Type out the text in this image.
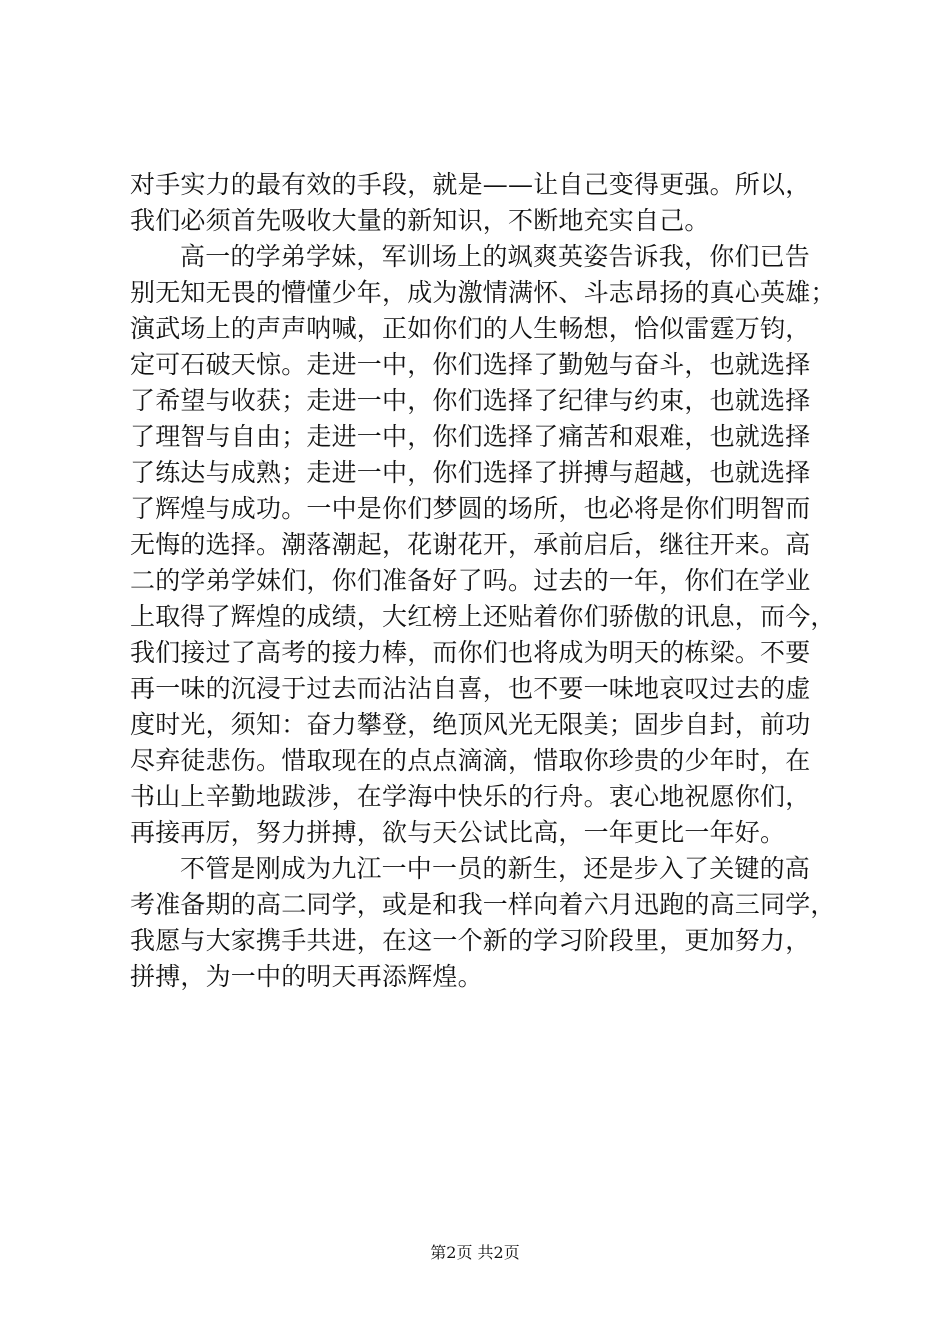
对手实力的最有效的手段，就是——让自己变得更强。所以，
我们必须首先吸收大量的新知识，不断地充实自己。
高一的学弟学妹，军训场上的飒爽英姿告诉我，你们已告
别无知无畏的懵懂少年，成为激情满怀、斗志昂扬的真心英雄；
演武场上的声声呐喊，正如你们的人生畅想，恰似雷霆万钧，
定可石破天惊。走进一中，你们选择了勤勉与奋斗，也就选择
了希望与收获；走进一中，你们选择了纪律与约束，也就选择
了理智与自由；走进一中，你们选择了痛苦和艰难，也就选择
了练达与成熟；走进一中，你们选择了拼搏与超越，也就选择
了辉煌与成功。一中是你们梦圆的场所，也必将是你们明智而
无悔的选择。潮落潮起，花谢花开，承前启后，继往开来。高
二的学弟学妹们，你们准备好了吗。过去的一年，你们在学业
上取得了辉煌的成绩，大红榜上还贴着你们骄傲的讯息，而今，
我们接过了高考的接力棒，而你们也将成为明天的栋梁。不要
再一味的沉浸于过去而沾沾自喜，也不要一味地哀叹过去的虚
度时光，须知：奋力攀登，绝顶风光无限美；固步自封，前功
尽弃徒悲伤。惜取现在的点点滴滴，惜取你珍贵的少年时，在
书山上辛勤地跋涉，在学海中快乐的行舟。衷心地祝愿你们，
再接再厉，努力拼搏，欲与天公试比高，一年更比一年好。
不管是刚成为九江一中一员的新生，还是步入了关键的高
考准备期的高二同学，或是和我一样向着六月迅跑的高三同学，
我愿与大家携手共进，在这一个新的学习阶段里，更加努力，
拼搏，为一中的明天再添辉煌。
第2页 共2页
